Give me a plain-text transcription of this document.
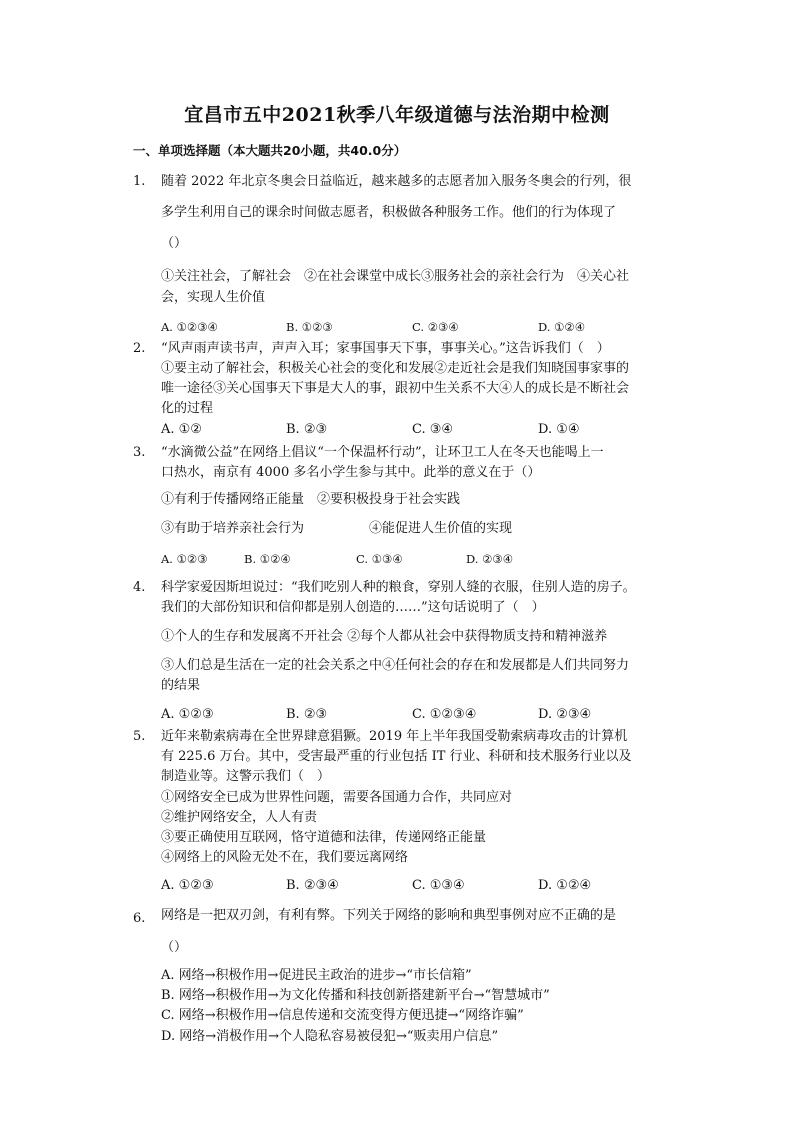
宜昌市五中2021秋季八年级道德与法治期中检测
一、单项选择题（本大题共20小题，共40.0分）
1. 随着 2022 年北京冬奥会日益临近，越来越多的志愿者加入服务冬奥会的行列，很
多学生利用自己的课余时间做志愿者，积极做各种服务工作。他们的行为体现了
（）
①关注社会，了解社会　②在社会课堂中成长③服务社会的亲社会行为　④关心社
会，实现人生价值
A. ①②③④	B. ①②③	C. ②③④	D. ①②④
2. “风声雨声读书声，声声入耳；家事国事天下事，事事关心。”这告诉我们（　）
①要主动了解社会，积极关心社会的变化和发展②走近社会是我们知晓国事家事的
唯一途径③关心国事天下事是大人的事，跟初中生关系不大④人的成长是不断社会
化的过程
A. ①②	B. ②③	C. ③④	D. ①④
3. “水滴微公益”在网络上倡议“一个保温杯行动”，让环卫工人在冬天也能喝上一
口热水，南京有 4000 多名小学生参与其中。此举的意义在于（）
①有利于传播网络正能量　②要积极投身于社会实践
③有助于培养亲社会行为　　　　　④能促进人生价值的实现
A. ①②③	B. ①②④	C. ①③④	D. ②③④
4. 科学家爱因斯坦说过：“我们吃别人种的粮食，穿别人缝的衣服，住别人造的房子。
我们的大部份知识和信仰都是别人创造的……”这句话说明了（　）
①个人的生存和发展离不开社会 ②每个人都从社会中获得物质支持和精神滋养
③人们总是生活在一定的社会关系之中④任何社会的存在和发展都是人们共同努力
的结果
A. ①②③	B. ②③	C. ①②③④	D. ②③④
5. 近年来勒索病毒在全世界肆意猖獗。2019 年上半年我国受勒索病毒攻击的计算机
有 225.6 万台。其中，受害最严重的行业包括 IT 行业、科研和技术服务行业以及
制造业等。这警示我们（　）
①网络安全已成为世界性问题，需要各国通力合作，共同应对
②维护网络安全，人人有责
③要正确使用互联网，恪守道德和法律，传递网络正能量
④网络上的风险无处不在，我们要远离网络
A. ①②③	B. ②③④	C. ①③④	D. ①②④
6. 网络是一把双刃剑，有利有弊。下列关于网络的影响和典型事例对应不正确的是
（）
A. 网络→积极作用→促进民主政治的进步→“市长信箱”
B. 网络→积极作用→为文化传播和科技创新搭建新平台→“智慧城市”
C. 网络→积极作用→信息传递和交流变得方便迅捷→“网络诈骗”
D. 网络→消极作用→个人隐私容易被侵犯→“贩卖用户信息”
